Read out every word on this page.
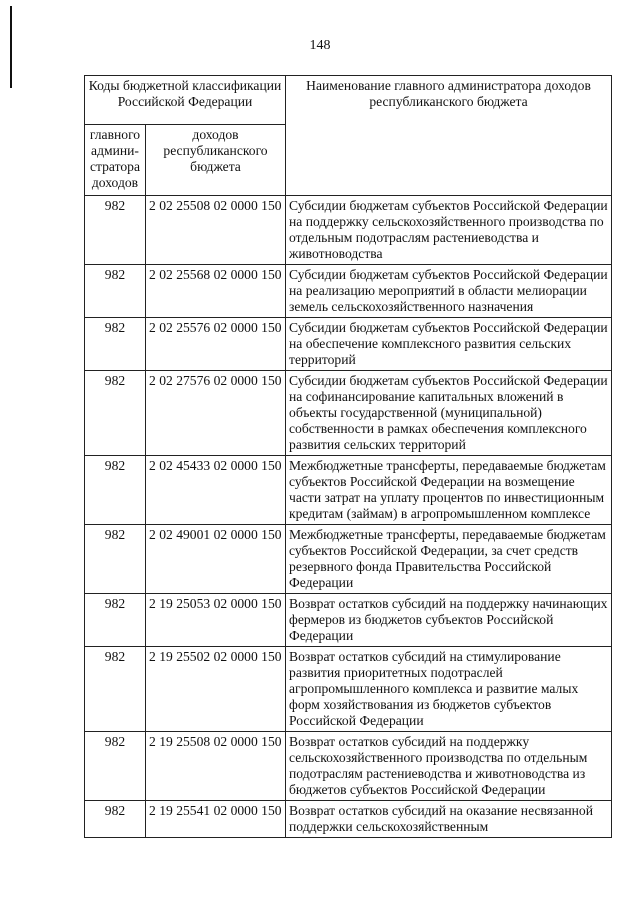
148
Коды бюджетной классификации Российской Федерации		Наименование главного администратора доходов республиканского бюджета
главного админи-стратора доходов	доходов республиканского бюджета	
982	2 02 25508 02 0000 150	Субсидии бюджетам субъектов Российской Федерации на поддержку сельскохозяйственного производства по отдельным подотраслям растениеводства и животноводства
982	2 02 25568 02 0000 150	Субсидии бюджетам субъектов Российской Федерации на реализацию мероприятий в области мелиорации земель сельскохозяйственного назначения
982	2 02 25576 02 0000 150	Субсидии бюджетам субъектов Российской Федерации на обеспечение комплексного развития сельских территорий
982	2 02 27576 02 0000 150	Субсидии бюджетам субъектов Российской Федерации на софинансирование капитальных вложений в объекты государственной (муниципальной) собственности в рамках обеспечения комплексного развития сельских территорий
982	2 02 45433 02 0000 150	Межбюджетные трансферты, передаваемые бюджетам субъектов Российской Федерации на возмещение части затрат на уплату процентов по инвестиционным кредитам (займам) в агропромышленном комплексе
982	2 02 49001 02 0000 150	Межбюджетные трансферты, передаваемые бюджетам субъектов Российской Федерации, за счет средств резервного фонда Правительства Российской Федерации
982	2 19 25053 02 0000 150	Возврат остатков субсидий на поддержку начинающих фермеров из бюджетов субъектов Российской Федерации
982	2 19 25502 02 0000 150	Возврат остатков субсидий на стимулирование развития приоритетных подотраслей агропромышленного комплекса и развитие малых форм хозяйствования из бюджетов субъектов Российской Федерации
982	2 19 25508 02 0000 150	Возврат остатков субсидий на поддержку сельскохозяйственного производства по отдельным подотраслям растениеводства и животноводства из бюджетов субъектов Российской Федерации
982	2 19 25541 02 0000 150	Возврат остатков субсидий на оказание несвязанной поддержки сельскохозяйственным
